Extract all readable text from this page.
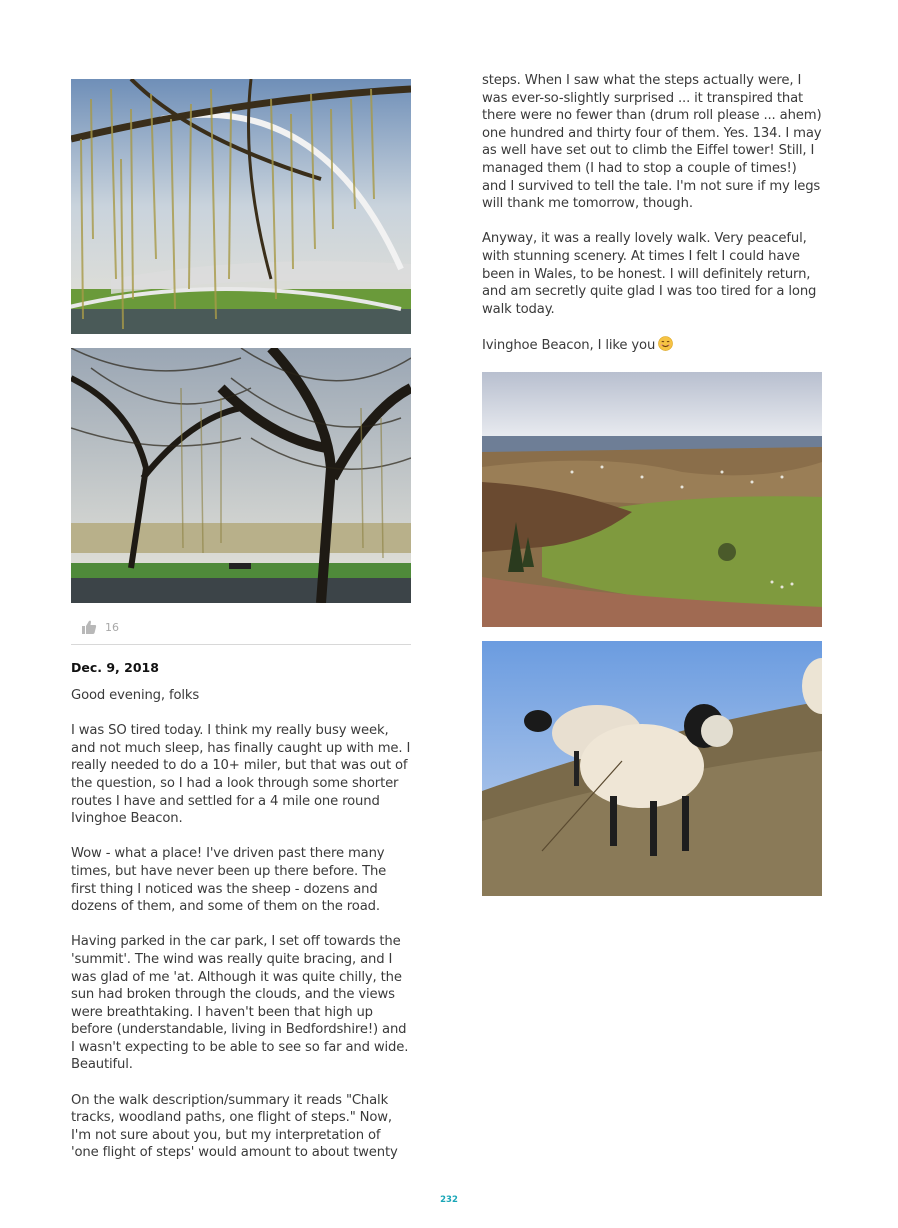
16
Dec. 9, 2018

Good evening, folks

I was SO tired today. I think my really busy week, and not much sleep, has finally caught up with me. I really needed to do a 10+ miler, but that was out of the question, so I had a look through some shorter routes I have and settled for a 4 mile one round Ivinghoe Beacon.

Wow - what a place! I've driven past there many times, but have never been up there before. The first thing I noticed was the sheep - dozens and dozens of them, and some of them on the road.

Having parked in the car park, I set off towards the 'summit'. The wind was really quite bracing, and I was glad of me 'at. Although it was quite chilly, the sun had broken through the clouds, and the views were breathtaking. I haven't been that high up before (understandable, living in Bedfordshire!) and I wasn't expecting to be able to see so far and wide. Beautiful.

On the walk description/summary it reads "Chalk tracks, woodland paths, one flight of steps." Now, I'm not sure about you, but my interpretation of 'one flight of steps' would amount to about twenty

steps. When I saw what the steps actually were, I was ever-so-slightly surprised ... it transpired that there were no fewer than (drum roll please ... ahem) one hundred and thirty four of them. Yes. 134. I may as well have set out to climb the Eiffel tower! Still, I managed them (I had to stop a couple of times!) and I survived to tell the tale. I'm not sure if my legs will thank me tomorrow, though.

Anyway, it was a really lovely walk. Very peaceful, with stunning scenery. At times I felt I could have been in Wales, to be honest. I will definitely return, and am secretly quite glad I was too tired for a long walk today.

Ivinghoe Beacon, I like you

232
